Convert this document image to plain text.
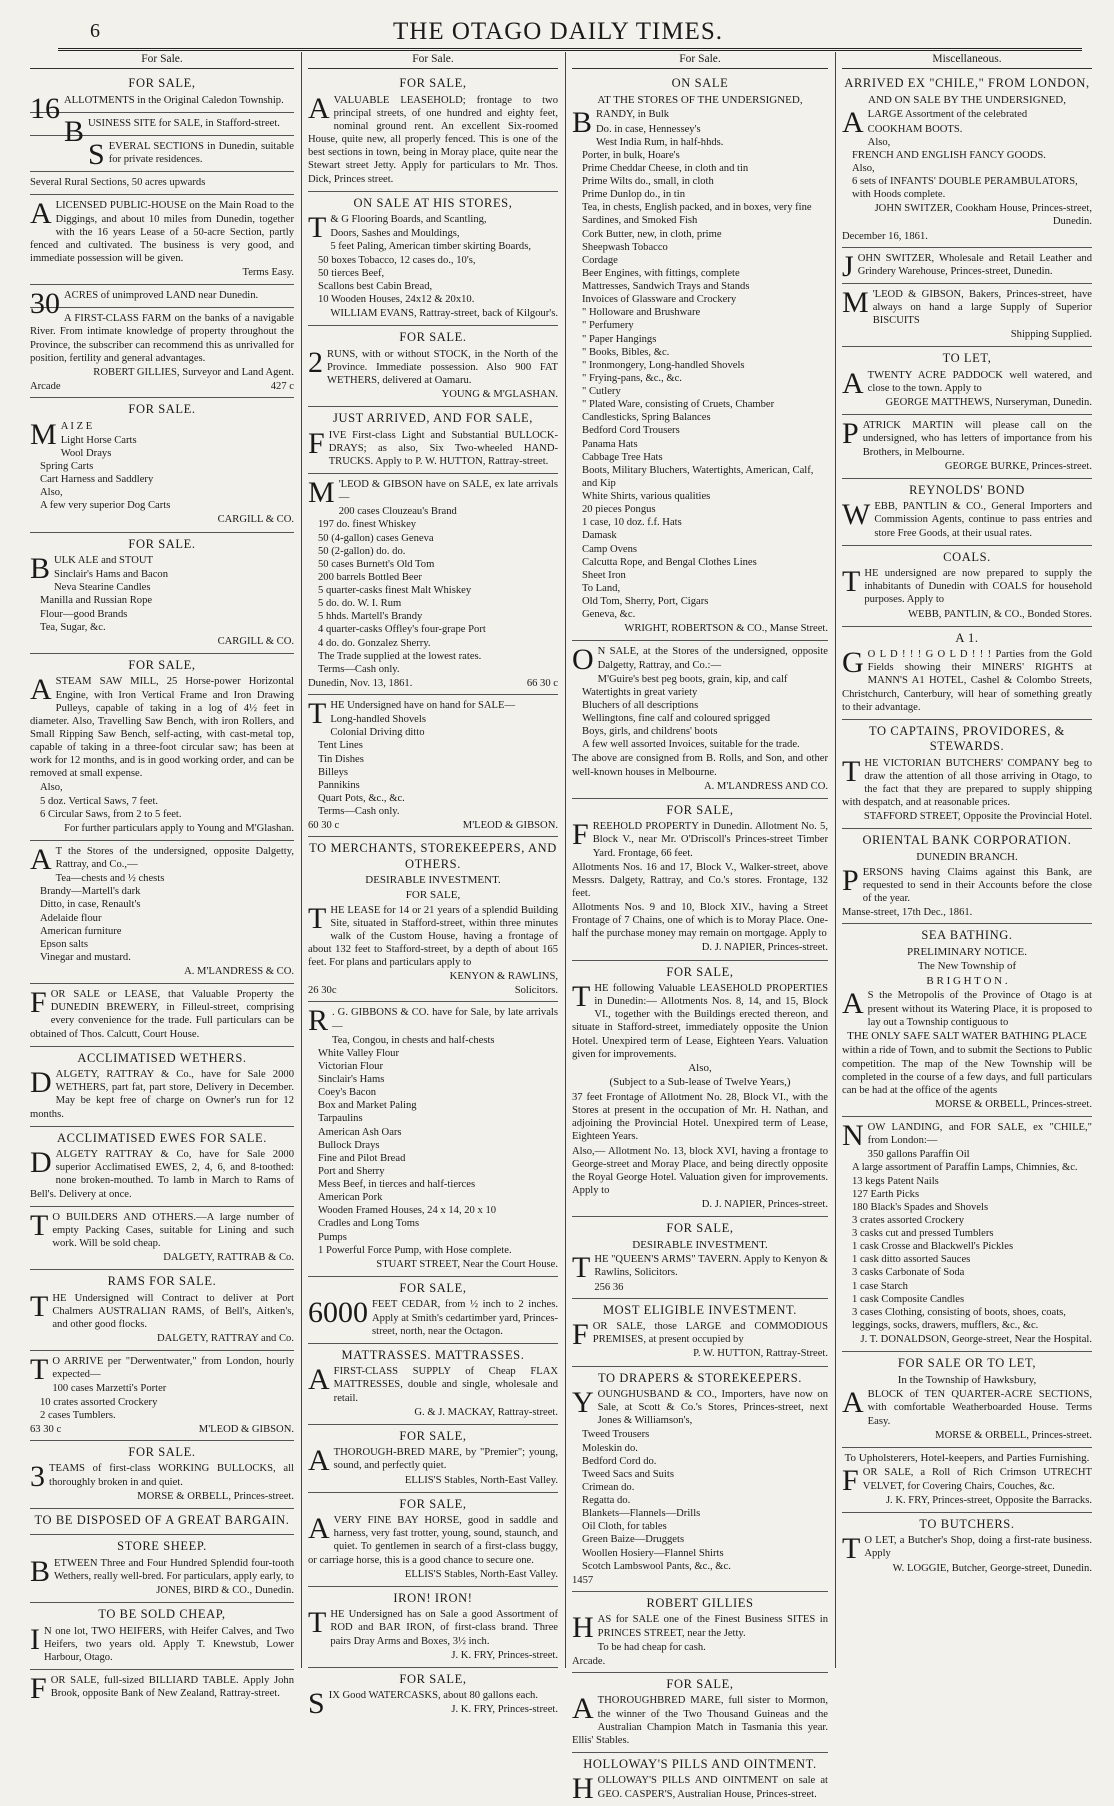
6	THE OTAGO DAILY TIMES.
For Sale.
FOR SALE,

16 ALLOTMENTS in the Original Caledon Township.

BUSINESS SITE for SALE, in Stafford-street.

SEVERAL SECTIONS in Dunedin, suitable for private residences.

Several Rural Sections, 50 acres upwards

ALICENSED PUBLIC-HOUSE on the Main Road to the Diggings, and about 10 miles from Dunedin, together with the 16 years Lease of a 50-acre Section, partly fenced and cultivated. The business is very good, and immediate possession will be given.

Terms Easy.

30 ACRES of unimproved LAND near Dunedin.

A FIRST-CLASS FARM on the banks of a navigable River. From intimate knowledge of property throughout the Province, the subscriber can recommend this as unrivalled for position, fertility and general advantages.

ROBERT GILLIES, Surveyor and Land Agent.
Arcade	427 c
FOR SALE.

M A I Z E

Light Horse Carts
Wool Drays
Spring Carts
Cart Harness and Saddlery
Also,
A few very superior Dog Carts
CARGILL & CO.
FOR SALE.

BULK ALE and STOUT

Sinclair's Hams and Bacon
Neva Stearine Candles
Manilla and Russian Rope
Flour—good Brands
Tea, Sugar, &c.
CARGILL & CO.
FOR SALE,

ASTEAM SAW MILL, 25 Horse-power Horizontal Engine, with Iron Vertical Frame and Iron Drawing Pulleys, capable of taking in a log of 4½ feet in diameter. Also, Travelling Saw Bench, with iron Rollers, and Small Ripping Saw Bench, self-acting, with cast-metal top, capable of taking in a three-foot circular saw; has been at work for 12 months, and is in good working order, and can be removed at small expense.

Also,
5 doz. Vertical Saws, 7 feet.
6 Circular Saws, from 2 to 5 feet.
For further particulars apply to Young and M'Glashan.

A T the Stores of the undersigned, opposite Dalgetty, Rattray, and Co.,—

Tea—chests and ½ chests
Brandy—Martell's dark
Ditto, in case, Renault's
Adelaide flour
American furniture
Epson salts
Vinegar and mustard.
A. M'LANDRESS & CO.

FOR SALE or LEASE, that Valuable Property the DUNEDIN BREWERY, in Filleul-street, comprising every convenience for the trade. Full particulars can be obtained of Thos. Calcutt, Court House.

ACCLIMATISED WETHERS.

DALGETY, RATTRAY & Co., have for Sale 2000 WETHERS, part fat, part store, Delivery in December. May be kept free of charge on Owner's run for 12 months.

ACCLIMATISED EWES FOR SALE.

DALGETY RATTRAY & Co, have for Sale 2000 superior Acclimatised EWES, 2, 4, 6, and 8-toothed: none broken-mouthed. To lamb in March to Rams of Bell's. Delivery at once.

T O BUILDERS AND OTHERS.—A large number of empty Packing Cases, suitable for Lining and such work. Will be sold cheap.

DALGETY, RATTRAB & Co.
RAMS FOR SALE.

THE Undersigned will Contract to deliver at Port Chalmers AUSTRALIAN RAMS, of Bell's, Aitken's, and other good flocks.

DALGETY, RATTRAY and Co.

T O ARRIVE per "Derwentwater," from London, hourly expected—

100 cases Marzetti's Porter
10 crates assorted Crockery
2 cases Tumblers.
63 30 c	M'LEOD & GIBSON.
FOR SALE.

3 TEAMS of first-class WORKING BULLOCKS, all thoroughly broken in and quiet.

MORSE & ORBELL, Princes-street.
TO BE DISPOSED OF A GREAT BARGAIN.
STORE SHEEP.

BETWEEN Three and Four Hundred Splendid four-tooth Wethers, really well-bred. For particulars, apply early, to

JONES, BIRD & CO., Dunedin.
TO BE SOLD CHEAP,

I N one lot, TWO HEIFERS, with Heifer Calves, and Two Heifers, two years old. Apply T. Knewstub, Lower Harbour, Otago.

FOR SALE, full-sized BILLIARD TABLE. Apply John Brook, opposite Bank of New Zealand, Rattray-street.

For Sale.
FOR SALE,

AVALUABLE LEASEHOLD; frontage to two principal streets, of one hundred and eighty feet, nominal ground rent. An excellent Six-roomed House, quite new, all properly fenced. This is one of the best sections in town, being in Moray place, quite near the Stewart street Jetty. Apply for particulars to Mr. Thos. Dick, Princes street.

ON SALE AT HIS STORES,

T & G Flooring Boards, and Scantling,

Doors, Sashes and Mouldings,
5 feet Paling, American timber skirting Boards,
50 boxes Tobacco, 12 cases do., 10's,
50 tierces Beef,
Scallons best Cabin Bread,
10 Wooden Houses, 24x12 & 20x10.
WILLIAM EVANS, Rattray-street, back of Kilgour's.
FOR SALE.

2 RUNS, with or without STOCK, in the North of the Province. Immediate possession. Also 900 FAT WETHERS, delivered at Oamaru.

YOUNG & M'GLASHAN.
JUST ARRIVED, AND FOR SALE,

FIVE First-class Light and Substantial BULLOCK-DRAYS; as also, Six Two-wheeled HAND-TRUCKS. Apply to P. W. HUTTON, Rattray-street.

M 'LEOD & GIBSON have on SALE, ex late arrivals—

200 cases Clouzeau's Brand
197 do. finest Whiskey
50 (4-gallon) cases Geneva
50 (2-gallon) do. do.
50 cases Burnett's Old Tom
200 barrels Bottled Beer
5 quarter-casks finest Malt Whiskey
5 do. do. W. I. Rum
5 hhds. Martell's Brandy
4 quarter-casks Offley's four-grape Port
4 do. do. Gonzalez Sherry.
The Trade supplied at the lowest rates.
Terms—Cash only.
Dunedin, Nov. 13, 1861.	66 30 c

THE Undersigned have on hand for SALE—

Long-handled Shovels
Colonial Driving ditto
Tent Lines
Tin Dishes
Billeys
Pannikins
Quart Pots, &c., &c.
Terms—Cash only.
60 30 c	M'LEOD & GIBSON.
TO MERCHANTS, STOREKEEPERS, AND OTHERS.
DESIRABLE INVESTMENT.
FOR SALE,

THE LEASE for 14 or 21 years of a splendid Building Site, situated in Stafford-street, within three minutes walk of the Custom House, having a frontage of about 132 feet to Stafford-street, by a depth of about 165 feet. For plans and particulars apply to

KENYON & RAWLINS,
26 30c	Solicitors.

R . G. GIBBONS & CO. have for Sale, by late arrivals—

Tea, Congou, in chests and half-chests
White Valley Flour
Victorian Flour
Sinclair's Hams
Coey's Bacon
Box and Market Paling
Tarpaulins
American Ash Oars
Bullock Drays
Fine and Pilot Bread
Port and Sherry
Mess Beef, in tierces and half-tierces
American Pork
Wooden Framed Houses, 24 x 14, 20 x 10
Cradles and Long Toms
Pumps
1 Powerful Force Pump, with Hose complete.
STUART STREET, Near the Court House.
FOR SALE,

6000 FEET CEDAR, from ½ inch to 2 inches. Apply at Smith's cedartimber yard, Princes-street, north, near the Octagon.

MATTRASSES. MATTRASSES.

AFIRST-CLASS SUPPLY of Cheap FLAX MATTRESSES, double and single, wholesale and retail.

G. & J. MACKAY, Rattray-street.
FOR SALE,

ATHOROUGH-BRED MARE, by "Premier"; young, sound, and perfectly quiet.

ELLIS'S Stables, North-East Valley.
FOR SALE,

AVERY FINE BAY HORSE, good in saddle and harness, very fast trotter, young, sound, staunch, and quiet. To gentlemen in search of a first-class buggy, or carriage horse, this is a good chance to secure one.

ELLIS'S Stables, North-East Valley.
IRON! IRON!

THE Undersigned has on Sale a good Assortment of ROD and BAR IRON, of first-class brand. Three pairs Dray Arms and Boxes, 3½ inch.

J. K. FRY, Princes-street.
FOR SALE,

SIX Good WATERCASKS, about 80 gallons each.

J. K. FRY, Princes-street.
For Sale.
ON SALE
AT THE STORES OF THE UNDERSIGNED,

BRANDY, in Bulk

Do. in case, Hennessey's
West India Rum, in half-hhds.
Porter, in bulk, Hoare's
Prime Cheddar Cheese, in cloth and tin
Prime Wilts do., small, in cloth
Prime Dunlop do., in tin
Tea, in chests, English packed, and in boxes, very fine
Sardines, and Smoked Fish
Cork Butter, new, in cloth, prime
Sheepwash Tobacco
Cordage
Beer Engines, with fittings, complete
Mattresses, Sandwich Trays and Stands
Invoices of Glassware and Crockery
" Holloware and Brushware
" Perfumery
" Paper Hangings
" Books, Bibles, &c.
" Ironmongery, Long-handled Shovels
" Frying-pans, &c., &c.
" Cutlery
" Plated Ware, consisting of Cruets, Chamber Candlesticks, Spring Balances
Bedford Cord Trousers
Panama Hats
Cabbage Tree Hats
Boots, Military Bluchers, Watertights, American, Calf, and Kip
White Shirts, various qualities
20 pieces Pongus
1 case, 10 doz. f.f. Hats
Damask
Camp Ovens
Calcutta Rope, and Bengal Clothes Lines
Sheet Iron
To Land,
Old Tom, Sherry, Port, Cigars
Geneva, &c.
WRIGHT, ROBERTSON & CO., Manse Street.

O N SALE, at the Stores of the undersigned, opposite Dalgetty, Rattray, and Co.:—

M'Guire's best peg boots, grain, kip, and calf
Watertights in great variety
Bluchers of all descriptions
Wellingtons, fine calf and coloured sprigged
Boys, girls, and childrens' boots
A few well assorted Invoices, suitable for the trade.

The above are consigned from B. Rolls, and Son, and other well-known houses in Melbourne.

A. M'LANDRESS AND CO.
FOR SALE,

FREEHOLD PROPERTY in Dunedin. Allotment No. 5, Block V., near Mr. O'Driscoll's Princes-street Timber Yard. Frontage, 66 feet.

Allotments Nos. 16 and 17, Block V., Walker-street, above Messrs. Dalgety, Rattray, and Co.'s stores. Frontage, 132 feet.

Allotments Nos. 9 and 10, Block XIV., having a Street Frontage of 7 Chains, one of which is to Moray Place. One-half the purchase money may remain on mortgage. Apply to

D. J. NAPIER, Princes-street.
FOR SALE,

THE following Valuable LEASEHOLD PROPERTIES in Dunedin:— Allotments Nos. 8, 14, and 15, Block VI., together with the Buildings erected thereon, and situate in Stafford-street, immediately opposite the Union Hotel. Unexpired term of Lease, Eighteen Years. Valuation given for improvements.

Also,
(Subject to a Sub-lease of Twelve Years,)

37 feet Frontage of Allotment No. 28, Block VI., with the Stores at present in the occupation of Mr. H. Nathan, and adjoining the Provincial Hotel. Unexpired term of Lease, Eighteen Years.

Also,— Allotment No. 13, block XVI, having a frontage to George-street and Moray Place, and being directly opposite the Royal George Hotel. Valuation given for improvements. Apply to

D. J. NAPIER, Princes-street.
FOR SALE,
DESIRABLE INVESTMENT.

THE "QUEEN'S ARMS" TAVERN. Apply to Kenyon & Rawlins, Solicitors.

256 36
MOST ELIGIBLE INVESTMENT.

FOR SALE, those LARGE and COMMODIOUS PREMISES, at present occupied by

P. W. HUTTON, Rattray-Street.
TO DRAPERS & STOREKEEPERS.

YOUNGHUSBAND & CO., Importers, have now on Sale, at Scott & Co.'s Stores, Princes-street, next Jones & Williamson's,

Tweed Trousers
Moleskin do.
Bedford Cord do.
Tweed Sacs and Suits
Crimean do.
Regatta do.
Blankets—Flannels—Drills
Oil Cloth, for tables
Green Baize—Druggets
Woollen Hosiery—Flannel Shirts
Scotch Lambswool Pants, &c., &c.
1457
ROBERT GILLIES

HAS for SALE one of the Finest Business SITES in PRINCES STREET, near the Jetty.

To be had cheap for cash.

Arcade.
FOR SALE,

ATHOROUGHBRED MARE, full sister to Mormon, the winner of the Two Thousand Guineas and the Australian Champion Match in Tasmania this year. Ellis' Stables.

HOLLOWAY'S PILLS AND OINTMENT.

HOLLOWAY'S PILLS AND OINTMENT on sale at GEO. CASPER'S, Australian House, Princes-street.

Miscellaneous.
ARRIVED EX "CHILE," FROM LONDON,
AND ON SALE BY THE UNDERSIGNED,

ALARGE Assortment of the celebrated

COOKHAM BOOTS.
Also,
FRENCH AND ENGLISH FANCY GOODS.
Also,
6 sets of INFANTS' DOUBLE PERAMBULATORS, with Hoods complete.
JOHN SWITZER, Cookham House, Princes-street, Dunedin.
December 16, 1861.

JOHN SWITZER, Wholesale and Retail Leather and Grindery Warehouse, Princes-street, Dunedin.

M 'LEOD & GIBSON, Bakers, Princes-street, have always on hand a large Supply of Superior BISCUITS

Shipping Supplied.
TO LET,

ATWENTY ACRE PADDOCK well watered, and close to the town. Apply to

GEORGE MATTHEWS, Nurseryman, Dunedin.

PATRICK MARTIN will please call on the undersigned, who has letters of importance from his Brothers, in Melbourne.

GEORGE BURKE, Princes-street.
REYNOLDS' BOND

WEBB, PANTLIN & CO., General Importers and Commission Agents, continue to pass entries and store Free Goods, at their usual rates.

COALS.

THE undersigned are now prepared to supply the inhabitants of Dunedin with COALS for household purposes. Apply to

WEBB, PANTLIN, & CO., Bonded Stores.
A 1.

G O L D ! ! ! G O L D ! ! ! Parties from the Gold Fields showing their MINERS' RIGHTS at MANN'S A1 HOTEL, Cashel & Colombo Streets, Christchurch, Canterbury, will hear of something greatly to their advantage.

TO CAPTAINS, PROVIDORES, & STEWARDS.

THE VICTORIAN BUTCHERS' COMPANY beg to draw the attention of all those arriving in Otago, to the fact that they are prepared to supply shipping with despatch, and at reasonable prices.

STAFFORD STREET, Opposite the Provincial Hotel.
ORIENTAL BANK CORPORATION.
DUNEDIN BRANCH.

PERSONS having Claims against this Bank, are requested to send in their Accounts before the close of the year.

Manse-street, 17th Dec., 1861.
SEA BATHING.
PRELIMINARY NOTICE.
The New Township of
B R I G H T O N .

A S the Metropolis of the Province of Otago is at present without its Watering Place, it is proposed to lay out a Township contiguous to

THE ONLY SAFE SALT WATER BATHING PLACE

within a ride of Town, and to submit the Sections to Public competition. The map of the New Township will be completed in the course of a few days, and full particulars can be had at the office of the agents

MORSE & ORBELL, Princes-street.

NOW LANDING, and FOR SALE, ex "CHILE," from London:—

350 gallons Paraffin Oil
A large assortment of Paraffin Lamps, Chimnies, &c.
13 kegs Patent Nails
127 Earth Picks
180 Black's Spades and Shovels
3 crates assorted Crockery
3 casks cut and pressed Tumblers
1 cask Crosse and Blackwell's Pickles
1 cask ditto assorted Sauces
3 casks Carbonate of Soda
1 case Starch
1 cask Composite Candles
3 cases Clothing, consisting of boots, shoes, coats, leggings, socks, drawers, mufflers, &c., &c.
J. T. DONALDSON, George-street, Near the Hospital.
FOR SALE OR TO LET,
In the Township of Hawksbury,

ABLOCK of TEN QUARTER-ACRE SECTIONS, with comfortable Weatherboarded House. Terms Easy.

MORSE & ORBELL, Princes-street.
To Upholsterers, Hotel-keepers, and Parties Furnishing.

FOR SALE, a Roll of Rich Crimson UTRECHT VELVET, for Covering Chairs, Couches, &c.

J. K. FRY, Princes-street, Opposite the Barracks.
TO BUTCHERS.

T O LET, a Butcher's Shop, doing a first-rate business. Apply

W. LOGGIE, Butcher, George-street, Dunedin.
